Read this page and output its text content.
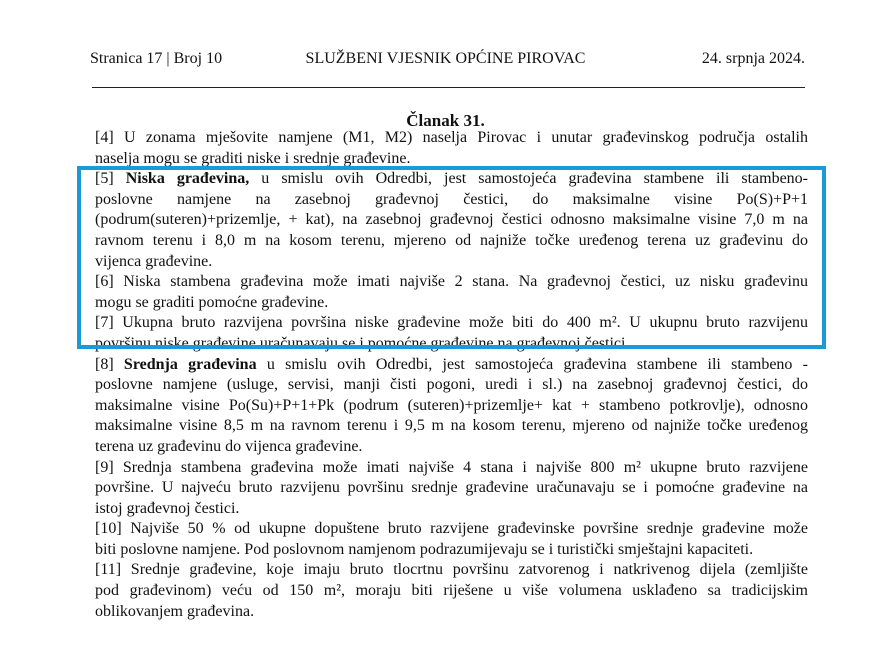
Stranica 17 | Broj 10	SLUŽBENI VJESNIK OPĆINE PIROVAC	24. srpnja 2024.
Članak 31.
[4] U zonama mješovite namjene (M1, M2) naselja Pirovac i unutar građevinskog područja ostalih
naselja mogu se graditi niske i srednje građevine.
[5] Niska građevina, u smislu ovih Odredbi, jest samostojeća građevina stambene ili stambeno-
poslovne namjene na zasebnoj građevnoj čestici, do maksimalne visine Po(S)+P+1
(podrum(suteren)+prizemlje, + kat), na zasebnoj građevnoj čestici odnosno maksimalne visine 7,0 m na
ravnom terenu i 8,0 m na kosom terenu, mjereno od najniže točke uređenog terena uz građevinu do
vijenca građevine.
[6] Niska stambena građevina može imati najviše 2 stana. Na građevnoj čestici, uz nisku građevinu
mogu se graditi pomoćne građevine.
[7] Ukupna bruto razvijena površina niske građevine može biti do 400 m². U ukupnu bruto razvijenu
površinu niske građevine uračunavaju se i pomoćne građevine na građevnoj čestici.
[8] Srednja građevina u smislu ovih Odredbi, jest samostojeća građevina stambene ili stambeno -
poslovne namjene (usluge, servisi, manji čisti pogoni, uredi i sl.) na zasebnoj građevnoj čestici, do
maksimalne visine Po(Su)+P+1+Pk (podrum (suteren)+prizemlje+ kat + stambeno potkrovlje), odnosno
maksimalne visine 8,5 m na ravnom terenu i 9,5 m na kosom terenu, mjereno od najniže točke uređenog
terena uz građevinu do vijenca građevine.
[9] Srednja stambena građevina može imati najviše 4 stana i najviše 800 m² ukupne bruto razvijene
površine. U najveću bruto razvijenu površinu srednje građevine uračunavaju se i pomoćne građevine na
istoj građevnoj čestici.
[10] Najviše 50 % od ukupne dopuštene bruto razvijene građevinske površine srednje građevine može
biti poslovne namjene. Pod poslovnom namjenom podrazumijevaju se i turistički smještajni kapaciteti.
[11] Srednje građevine, koje imaju bruto tlocrtnu površinu zatvorenog i natkrivenog dijela (zemljište
pod građevinom) veću od 150 m², moraju biti riješene u više volumena usklađeno sa tradicijskim
oblikovanjem građevina.
